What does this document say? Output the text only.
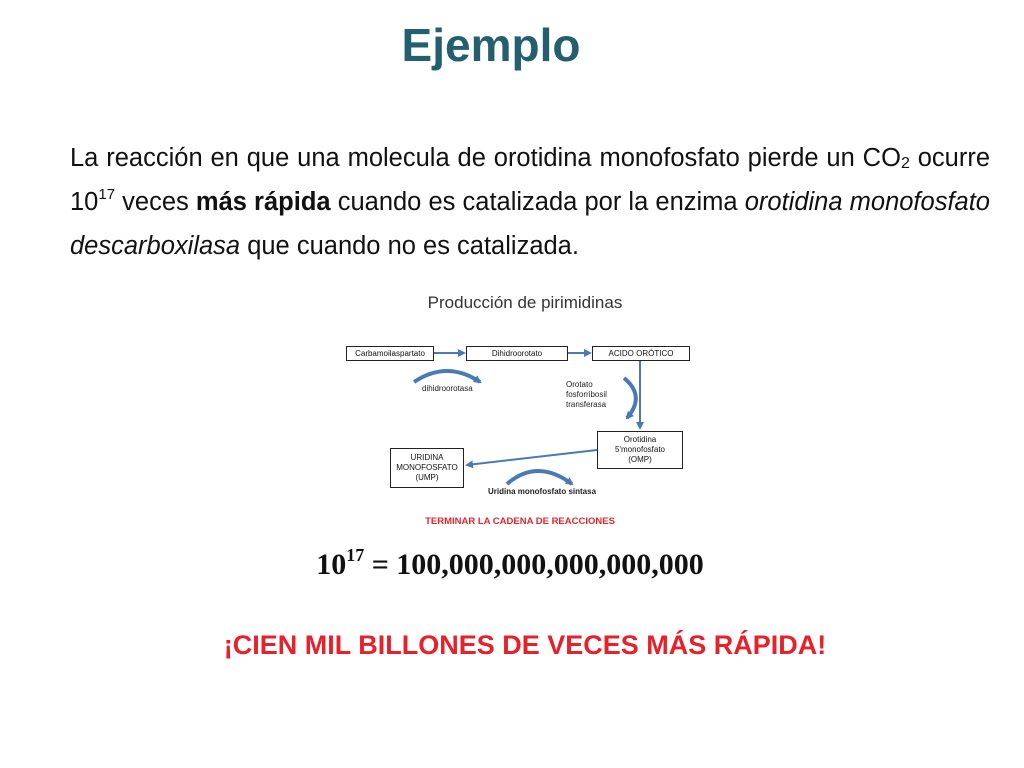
Ejemplo
La reacción en que una molecula de orotidina monofosfato pierde un $CO_2$ ocurre $10^{17}$ veces más rápida cuando es catalizada por la enzima orotidina monofosfato descarboxilasa que cuando no es catalizada.
Producción de pirimidinas
Carbamoilaspartato	Dihidroorotato	ACIDO ORÓTICO
Orotidina
5'monofosfato
(OMP)
URIDINA
MONOFOSFATO
(UMP)
dihidroorotasa	Orotato
fosforribosil
transferasa
Uridina monofosfato sintasa
TERMINAR LA CADENA DE REACCIONES
$10^{17} = 100,000,000,000,000,000$
¡CIEN MIL BILLONES DE VECES MÁS RÁPIDA!
